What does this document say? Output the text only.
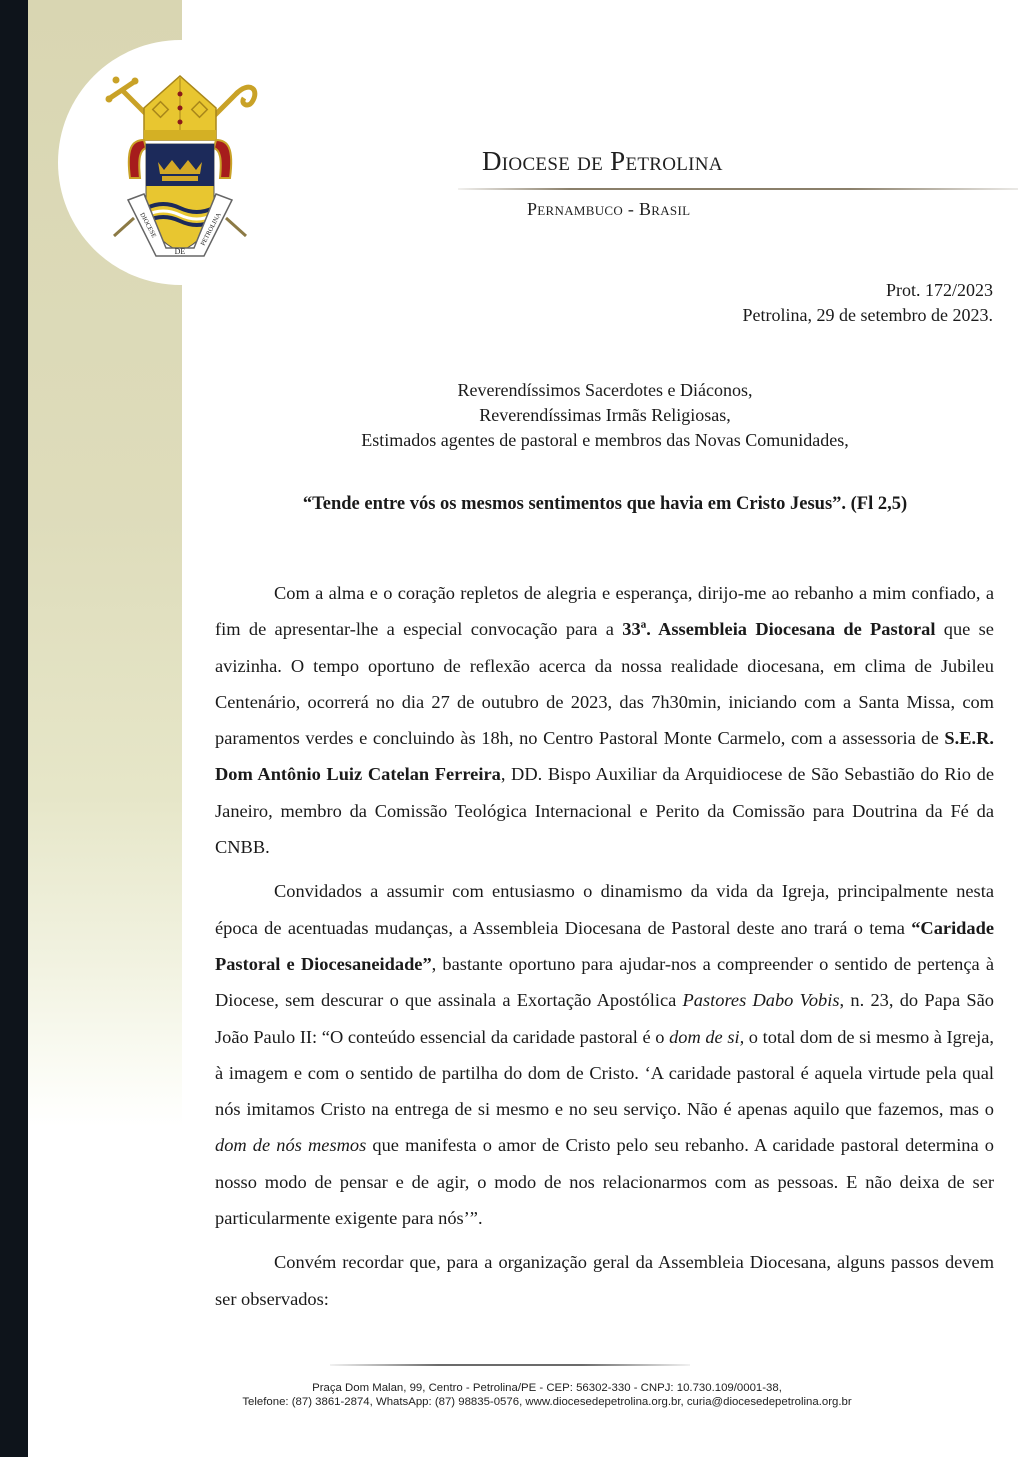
DE
DIOCESE	PETROLINA
Diocese de Petrolina
Pernambuco - Brasil
Prot. 172/2023
Petrolina, 29 de setembro de 2023.
Reverendíssimos Sacerdotes e Diáconos,
Reverendíssimas Irmãs Religiosas,
Estimados agentes de pastoral e membros das Novas Comunidades,
“Tende entre vós os mesmos sentimentos que havia em Cristo Jesus”. (Fl 2,5)

Com a alma e o coração repletos de alegria e esperança, dirijo-me ao rebanho a mim confiado, a fim de apresentar-lhe a especial convocação para a 33ª. Assembleia Diocesana de Pastoral que se avizinha. O tempo oportuno de reflexão acerca da nossa realidade diocesana, em clima de Jubileu Centenário, ocorrerá no dia 27 de outubro de 2023, das 7h30min, iniciando com a Santa Missa, com paramentos verdes e concluindo às 18h, no Centro Pastoral Monte Carmelo, com a assessoria de S.E.R. Dom Antônio Luiz Catelan Ferreira, DD. Bispo Auxiliar da Arquidiocese de São Sebastião do Rio de Janeiro, membro da Comissão Teológica Internacional e Perito da Comissão para Doutrina da Fé da CNBB.

Convidados a assumir com entusiasmo o dinamismo da vida da Igreja, principalmente nesta época de acentuadas mudanças, a Assembleia Diocesana de Pastoral deste ano trará o tema “Caridade Pastoral e Diocesaneidade”, bastante oportuno para ajudar-nos a compreender o sentido de pertença à Diocese, sem descurar o que assinala a Exortação Apostólica Pastores Dabo Vobis, n. 23, do Papa São João Paulo II: “O conteúdo essencial da caridade pastoral é o dom de si, o total dom de si mesmo à Igreja, à imagem e com o sentido de partilha do dom de Cristo. ‘A caridade pastoral é aquela virtude pela qual nós imitamos Cristo na entrega de si mesmo e no seu serviço. Não é apenas aquilo que fazemos, mas o dom de nós mesmos que manifesta o amor de Cristo pelo seu rebanho. A caridade pastoral determina o nosso modo de pensar e de agir, o modo de nos relacionarmos com as pessoas. E não deixa de ser particularmente exigente para nós’”.

Convém recordar que, para a organização geral da Assembleia Diocesana, alguns passos devem ser observados:

Praça Dom Malan, 99, Centro - Petrolina/PE - CEP: 56302-330 - CNPJ: 10.730.109/0001-38,
Telefone: (87) 3861-2874, WhatsApp: (87) 98835-0576, www.diocesedepetrolina.org.br, curia@diocesedepetrolina.org.br
